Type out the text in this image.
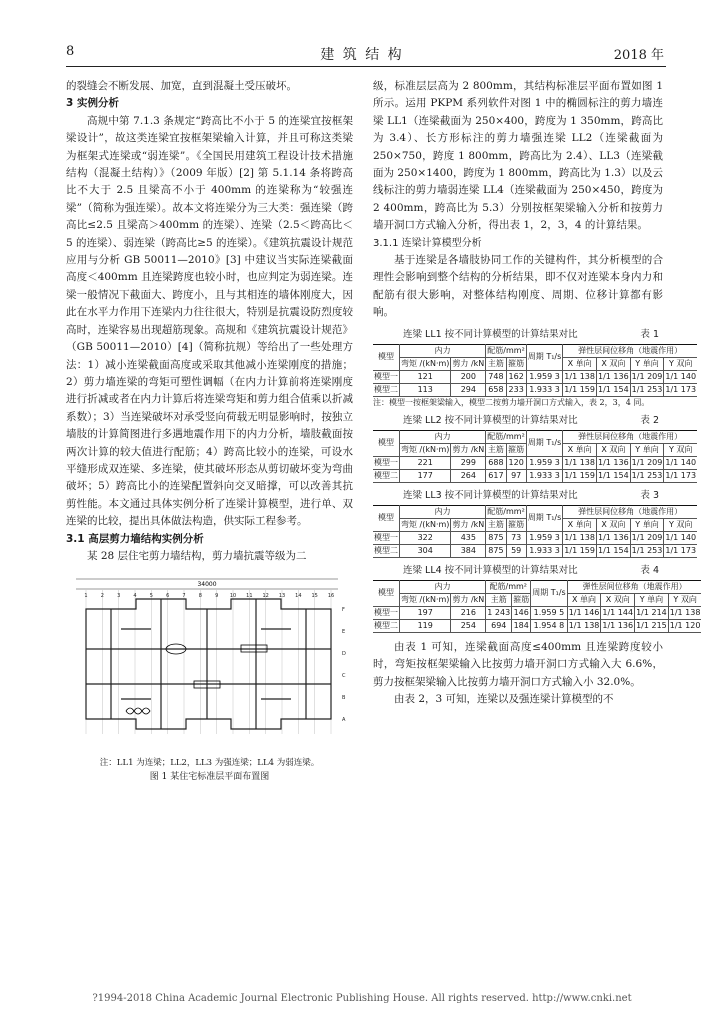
8	建 筑 结 构	2018 年

的裂缝会不断发展、加宽，直到混凝土受压破坏。

3 实例分析

高规中第 7.1.3 条规定“跨高比不小于 5 的连梁宜按框架梁设计”，故这类连梁宜按框架梁输入计算，并且可称这类梁为框架式连梁或“弱连梁”。《全国民用建筑工程设计技术措施结构（混凝土结构）》（2009 年版）[2] 第 5.1.14 条将跨高比不大于 2.5 且梁高不小于 400mm 的连梁称为“较强连梁”（简称为强连梁）。故本文将连梁分为三大类：强连梁（跨高比≤2.5 且梁高＞400mm 的连梁）、连梁（2.5＜跨高比＜5 的连梁）、弱连梁（跨高比≥5 的连梁）。《建筑抗震设计规范应用与分析 GB 50011—2010》[3] 中建议当实际连梁截面高度＜400mm 且连梁跨度也较小时，也应判定为弱连梁。连梁一般情况下截面大、跨度小，且与其相连的墙体刚度大，因此在水平力作用下连梁内力往往很大，特别是抗震设防烈度较高时，连梁容易出现超筋现象。高规和《建筑抗震设计规范》（GB 50011—2010）[4]（简称抗规）等给出了一些处理方法：1）减小连梁截面高度或采取其他减小连梁刚度的措施；2）剪力墙连梁的弯矩可塑性调幅（在内力计算前将连梁刚度进行折减或者在内力计算后将连梁弯矩和剪力组合值乘以折减系数）；3）当连梁破坏对承受竖向荷载无明显影响时，按独立墙肢的计算简图进行多遇地震作用下的内力分析，墙肢截面按两次计算的较大值进行配筋；4）跨高比较小的连梁，可设水平缝形成双连梁、多连梁，使其破坏形态从剪切破坏变为弯曲破坏；5）跨高比小的连梁配置斜向交叉暗撑，可以改善其抗剪性能。本文通过具体实例分析了连梁计算模型，进行单、双连梁的比较，提出具体做法构造，供实际工程参考。

3.1 高层剪力墙结构实例分析

某 28 层住宅剪力墙结构，剪力墙抗震等级为二

34000
1	2	3	4	5	6	7	8	9 10 11 12 13 14 15 16
F
E
D
C
B
A

注：LL1 为连梁；LL2，LL3 为强连梁；LL4 为弱连梁。

图 1 某住宅标准层平面布置图

级，标准层层高为 2 800mm，其结构标准层平面布置如图 1 所示。运用 PKPM 系列软件对图 1 中的椭圆标注的剪力墙连梁 LL1（连梁截面为 250×400，跨度为 1 350mm，跨高比为 3.4）、长方形标注的剪力墙强连梁 LL2（连梁截面为 250×750，跨度 1 800mm，跨高比为 2.4）、LL3（连梁截面为 250×1400，跨度为 1 800mm，跨高比为 1.3）以及云线标注的剪力墙弱连梁 LL4（连梁截面为 250×450，跨度为 2 400mm，跨高比为 5.3）分别按框架梁输入分析和按剪力墙开洞口方式输入分析，得出表 1，2，3，4 的计算结果。

3.1.1 连梁计算模型分析

基于连梁是各墙肢协同工作的关键构件，其分析模型的合理性会影响到整个结构的分析结果，即不仅对连梁本身内力和配筋有很大影响，对整体结构刚度、周期、位移计算都有影响。

连梁 LL1 按不同计算模型的计算结果对比	表 1
模型	内力		配筋/mm²		周期 T₁/s	弹性层间位移角（地震作用）			
	弯矩 /(kN·m)	剪力 /kN	主筋	箍筋		X 单向	X 双向	Y 单向	Y 双向

模型一	121	200	748	162	1.959 3	1/1 138	1/1 136	1/1 209	1/1 140
模型二	113	294	658	233	1.933 3	1/1 159	1/1 154	1/1 253	1/1 173

注：模型一按框架梁输入，模型二按剪力墙开洞口方式输入，表 2，3，4 同。

连梁 LL2 按不同计算模型的计算结果对比	表 2
模型	内力		配筋/mm²		周期 T₁/s	弹性层间位移角（地震作用）			
	弯矩 /(kN·m)	剪力 /kN	主筋	箍筋		X 单向	X 双向	Y 单向	Y 双向

模型一	221	299	688	120	1.959 3	1/1 138	1/1 136	1/1 209	1/1 140
模型二	177	264	617	97	1.933 3	1/1 159	1/1 154	1/1 253	1/1 173
连梁 LL3 按不同计算模型的计算结果对比	表 3
模型	内力		配筋/mm²		周期 T₁/s	弹性层间位移角（地震作用）			
	弯矩 /(kN·m)	剪力 /kN	主筋	箍筋		X 单向	X 双向	Y 单向	Y 双向

模型一	322	435	875	73	1.959 3	1/1 138	1/1 136	1/1 209	1/1 140
模型二	304	384	875	59	1.933 3	1/1 159	1/1 154	1/1 253	1/1 173
连梁 LL4 按不同计算模型的计算结果对比	表 4
模型	内力		配筋/mm²		周期 T₁/s	弹性层间位移角（地震作用）			
	弯矩 /(kN·m)	剪力 /kN	主筋	箍筋		X 单向	X 双向	Y 单向	Y 双向

模型一	197	216	1 243	146	1.959 5	1/1 146	1/1 144	1/1 214	1/1 138
模型二	119	254	694	184	1.954 8	1/1 138	1/1 136	1/1 215	1/1 120

由表 1 可知，连梁截面高度≤400mm 且连梁跨度较小时，弯矩按框架梁输入比按剪力墙开洞口方式输入大 6.6%，剪力按框架梁输入比按剪力墙开洞口方式输入小 32.0%。

由表 2，3 可知，连梁以及强连梁计算模型的不

?1994-2018 China Academic Journal Electronic Publishing House. All rights reserved. http://www.cnki.net
